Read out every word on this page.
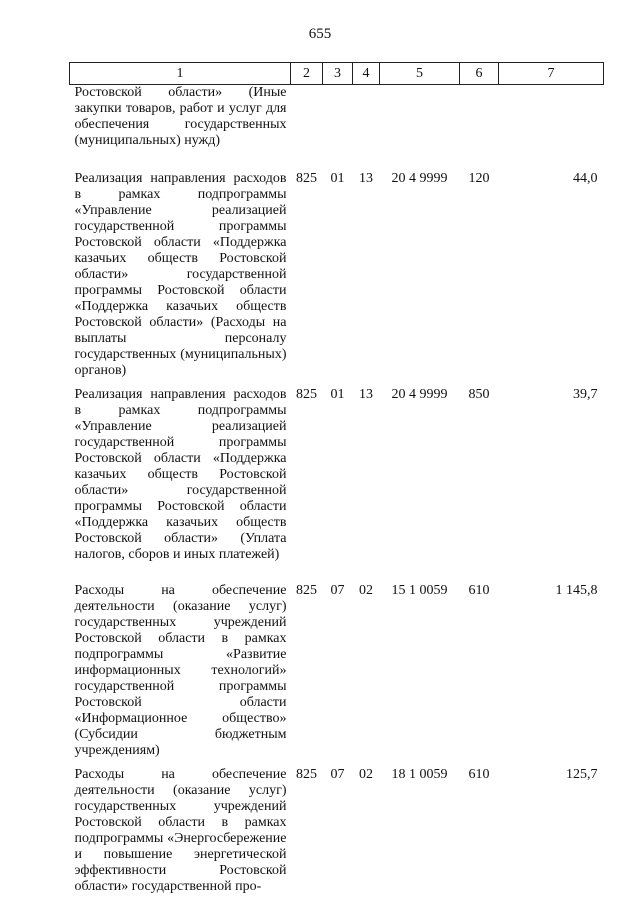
655
1	2	3	4	5	6	7
Ростовской области» (Иные закупки товаров, работ и услуг для обеспечения государственных (муниципальных) нужд)						
Реализация направления расходов в рамках подпрограммы «Управление реализацией государственной программы Ростовской области «Поддержка казачьих обществ Ростовской области» государственной программы Ростовской области «Поддержка казачьих обществ Ростовской области» (Расходы на выплаты персоналу государственных (муниципальных) органов)	825	01	13	20 4 9999	120	44,0
Реализация направления расходов в рамках подпрограммы «Управление реализацией государственной программы Ростовской области «Поддержка казачьих обществ Ростовской области» государственной программы Ростовской области «Поддержка казачьих обществ Ростовской области» (Уплата налогов, сборов и иных платежей)	825	01	13	20 4 9999	850	39,7
Расходы на обеспечение деятельности (оказание услуг) государственных учреждений Ростовской области в рамках подпрограммы «Развитие информационных технологий» государственной программы Ростовской области «Информационное общество» (Субсидии бюджетным учреждениям)	825	07	02	15 1 0059	610	1 145,8
Расходы на обеспечение деятельности (оказание услуг) государственных учреждений Ростовской области в рамках подпрограммы «Энергосбережение и повышение энергетической эффективности Ростовской области» государственной про-	825	07	02	18 1 0059	610	125,7
